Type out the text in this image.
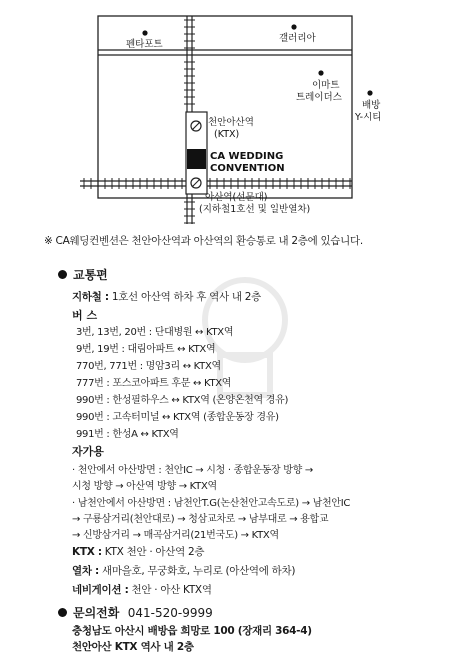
펜타포트
갤러리아
이마트
트레이더스
배방
Y-시티
천안아산역
(KTX)
아산역(선문대)
(지하철1호선 및 일반열차)
CA WEDDING
CONVENTION
※ CA웨딩컨벤션은 천안아산역과 아산역의 환승통로 내 2층에 있습니다.
교통편
지하철 : 1호선 아산역 하차 후 역사 내 2층
버 스
3번, 13번, 20번 : 단대병원 ↔ KTX역
9번, 19번 : 대림아파트 ↔ KTX역
770번, 771번 : 명암3리 ↔ KTX역
777번 : 포스코아파트 후문 ↔ KTX역
990번 : 한성필하우스 ↔ KTX역 (온양온천역 경유)
990번 : 고속터미널 ↔ KTX역 (종합운동장 경유)
991번 : 한성A ↔ KTX역
자가용
· 천안에서 아산방면 : 천안IC → 시청 · 종합운동장 방향 →
시청 방향 → 아산역 방향 → KTX역
· 남천안에서 아산방면 : 남천안T.G(논산천안고속도로) → 남천안IC
→ 구룡삼거리(천안대로) → 청삼교차로 → 남부대로 → 용합교
→ 신방삼거리 → 매곡삼거리(21번국도) → KTX역
KTX : KTX 천안 · 아산역 2층
열차 : 새마을호, 무궁화호, 누리로 (아산역에 하차)
네비게이션 : 천안 · 아산 KTX역
문의전화 041-520-9999
충청남도 아산시 배방읍 희망로 100 (장재리 364-4)
천안아산 KTX 역사 내 2층
